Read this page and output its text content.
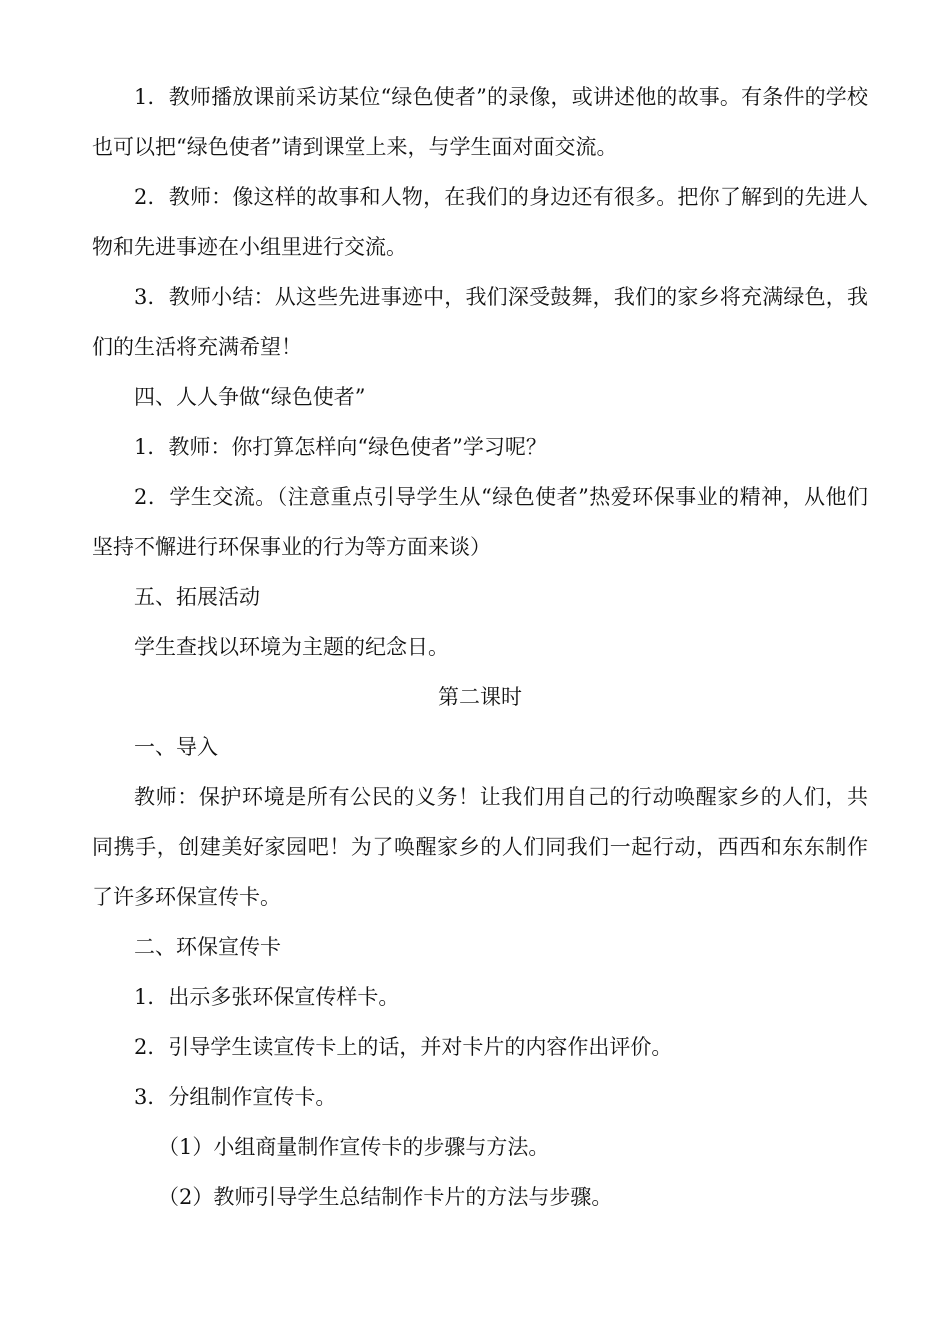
1．教师播放课前采访某位“绿色使者”的录像，或讲述他的故事。有条件的学校也可以把“绿色使者”请到课堂上来，与学生面对面交流。

2．教师：像这样的故事和人物，在我们的身边还有很多。把你了解到的先进人物和先进事迹在小组里进行交流。

3．教师小结：从这些先进事迹中，我们深受鼓舞，我们的家乡将充满绿色，我们的生活将充满希望！

四、人人争做“绿色使者”

1．教师：你打算怎样向“绿色使者”学习呢？

2．学生交流。（注意重点引导学生从“绿色使者”热爱环保事业的精神，从他们坚持不懈进行环保事业的行为等方面来谈）

五、拓展活动

学生查找以环境为主题的纪念日。

第二课时

一、导入

教师：保护环境是所有公民的义务！让我们用自己的行动唤醒家乡的人们，共同携手，创建美好家园吧！为了唤醒家乡的人们同我们一起行动，西西和东东制作了许多环保宣传卡。

二、环保宣传卡

1．出示多张环保宣传样卡。

2．引导学生读宣传卡上的话，并对卡片的内容作出评价。

3．分组制作宣传卡。

（1）小组商量制作宣传卡的步骤与方法。

（2）教师引导学生总结制作卡片的方法与步骤。
